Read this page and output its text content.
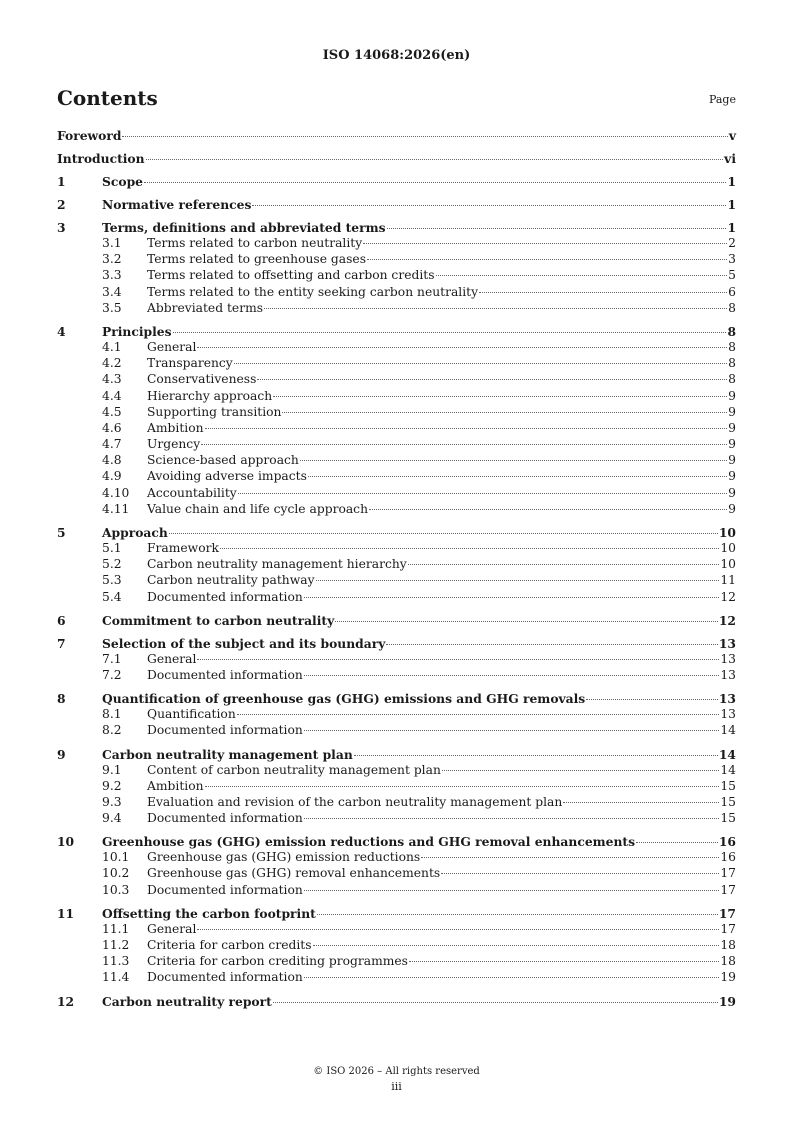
ISO 14068:2026(en)
Contents	Page
Foreword	v
Introduction	vi
1	Scope	1
2	Normative references	1
3	Terms, definitions and abbreviated terms	1
3.1	Terms related to carbon neutrality	2
3.2	Terms related to greenhouse gases	3
3.3	Terms related to offsetting and carbon credits	5
3.4	Terms related to the entity seeking carbon neutrality	6
3.5	Abbreviated terms	8
4	Principles	8
4.1	General	8
4.2	Transparency	8
4.3	Conservativeness	8
4.4	Hierarchy approach	9
4.5	Supporting transition	9
4.6	Ambition	9
4.7	Urgency	9
4.8	Science-based approach	9
4.9	Avoiding adverse impacts	9
4.10	Accountability	9
4.11	Value chain and life cycle approach	9
5	Approach	10
5.1	Framework	10
5.2	Carbon neutrality management hierarchy	10
5.3	Carbon neutrality pathway	11
5.4	Documented information	12
6	Commitment to carbon neutrality	12
7	Selection of the subject and its boundary	13
7.1	General	13
7.2	Documented information	13
8	Quantification of greenhouse gas (GHG) emissions and GHG removals	13
8.1	Quantification	13
8.2	Documented information	14
9	Carbon neutrality management plan	14
9.1	Content of carbon neutrality management plan	14
9.2	Ambition	15
9.3	Evaluation and revision of the carbon neutrality management plan	15
9.4	Documented information	15
10	Greenhouse gas (GHG) emission reductions and GHG removal enhancements	16
10.1	Greenhouse gas (GHG) emission reductions	16
10.2	Greenhouse gas (GHG) removal enhancements	17
10.3	Documented information	17
11	Offsetting the carbon footprint	17
11.1	General	17
11.2	Criteria for carbon credits	18
11.3	Criteria for carbon crediting programmes	18
11.4	Documented information	19
12	Carbon neutrality report	19
© ISO 2026 – All rights reserved
iii
